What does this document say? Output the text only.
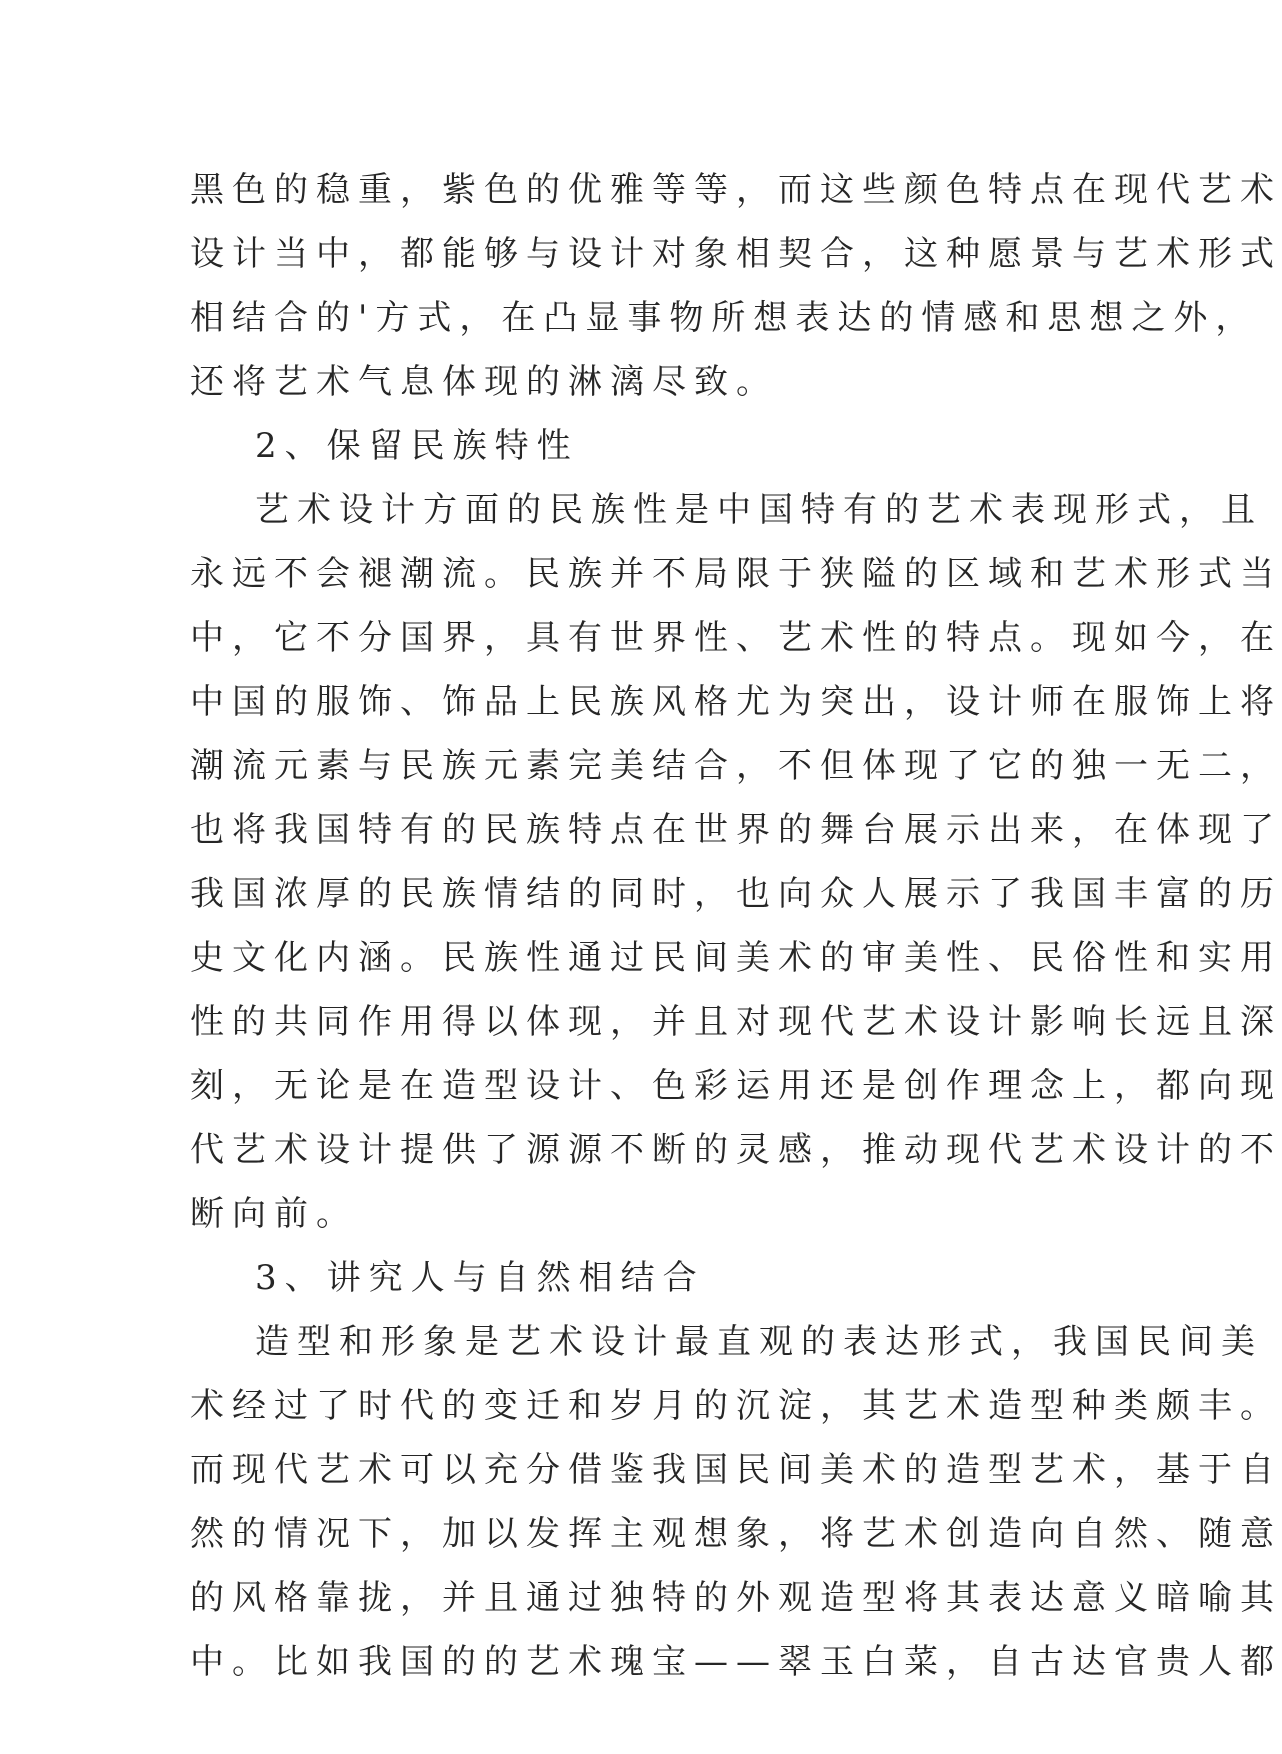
黑色的稳重，紫色的优雅等等，而这些颜色特点在现代艺术
设计当中，都能够与设计对象相契合，这种愿景与艺术形式
相结合的'方式，在凸显事物所想表达的情感和思想之外，
还将艺术气息体现的淋漓尽致。
2、保留民族特性
艺术设计方面的民族性是中国特有的艺术表现形式，且
永远不会褪潮流。民族并不局限于狭隘的区域和艺术形式当
中，它不分国界，具有世界性、艺术性的特点。现如今，在
中国的服饰、饰品上民族风格尤为突出，设计师在服饰上将
潮流元素与民族元素完美结合，不但体现了它的独一无二，
也将我国特有的民族特点在世界的舞台展示出来，在体现了
我国浓厚的民族情结的同时，也向众人展示了我国丰富的历
史文化内涵。民族性通过民间美术的审美性、民俗性和实用
性的共同作用得以体现，并且对现代艺术设计影响长远且深
刻，无论是在造型设计、色彩运用还是创作理念上，都向现
代艺术设计提供了源源不断的灵感，推动现代艺术设计的不
断向前。
3、讲究人与自然相结合
造型和形象是艺术设计最直观的表达形式，我国民间美
术经过了时代的变迁和岁月的沉淀，其艺术造型种类颇丰。
而现代艺术可以充分借鉴我国民间美术的造型艺术，基于自
然的情况下，加以发挥主观想象，将艺术创造向自然、随意
的风格靠拢，并且通过独特的外观造型将其表达意义暗喻其
中。比如我国的的艺术瑰宝——翠玉白菜，自古达官贵人都
